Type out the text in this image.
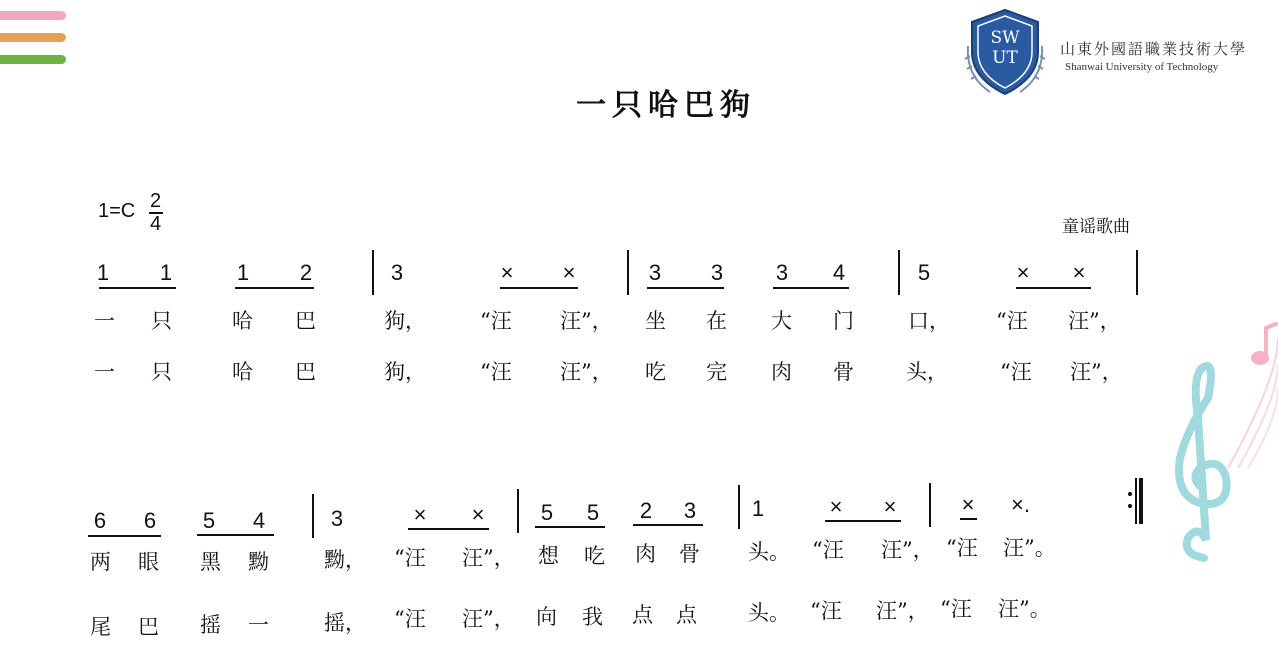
SW
UT	山東外國語職業技術大學
Shanwai University of Technology
一只哈巴狗
1=C 2
4	童谣歌曲
1 1	1 2	3	× ×	3 3 3 4	5	× ×
一 只	哈 巴	狗，	“汪 汪”， 坐 在 大 门	口， “汪 汪”，
一 只	哈 巴	狗，	“汪 汪”， 吃 完 肉 骨 头， “汪 汪”，
6 6 5 4	3	× ×	5 5 2 3	1	× ×	× ×.
两 眼 黑 黝	黝， “汪 汪”， 想 吃 肉 骨 头。 “汪 汪”， “汪 汪”。
尾 巴 摇 一	摇， “汪 汪”， 向 我 点 点 头。 “汪 汪”， “汪 汪”。
